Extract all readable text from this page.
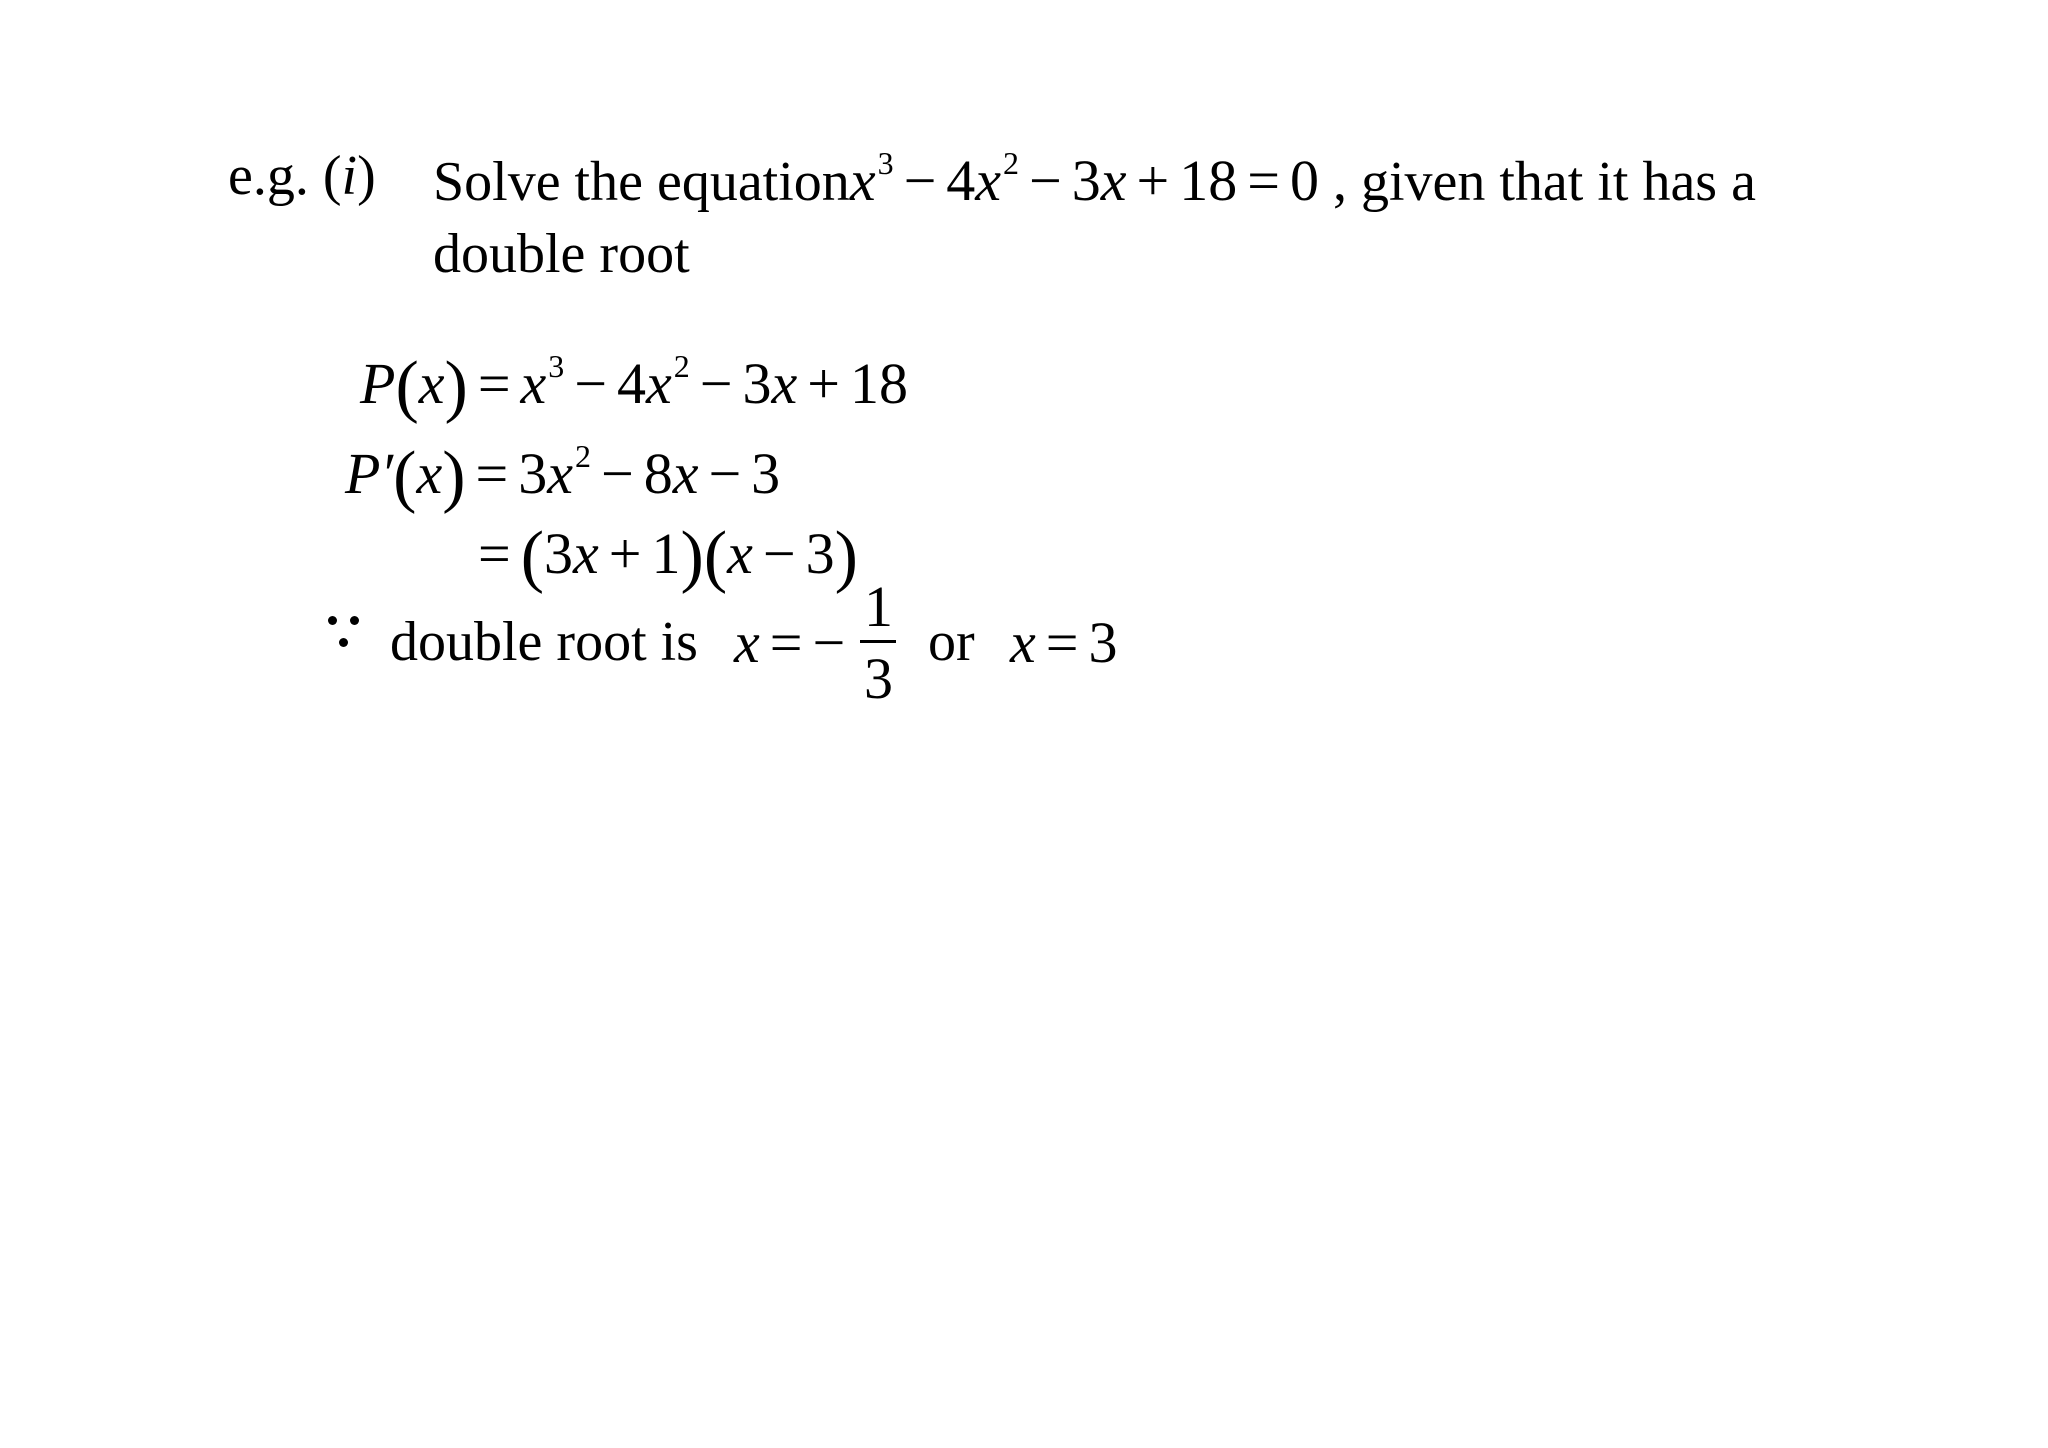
e.g. (i) Solve the equationx$^3$ − $4x^2 - 3x + 18 = 0$ , given that it has a
double root
$P(x) = x^3 - 4x^2 - 3x + 18$
$P'(x) = 3x^2 - 8x - 3$
= (3x + 1)(x − 3)
double root is x = −
1
3
or x = 3
